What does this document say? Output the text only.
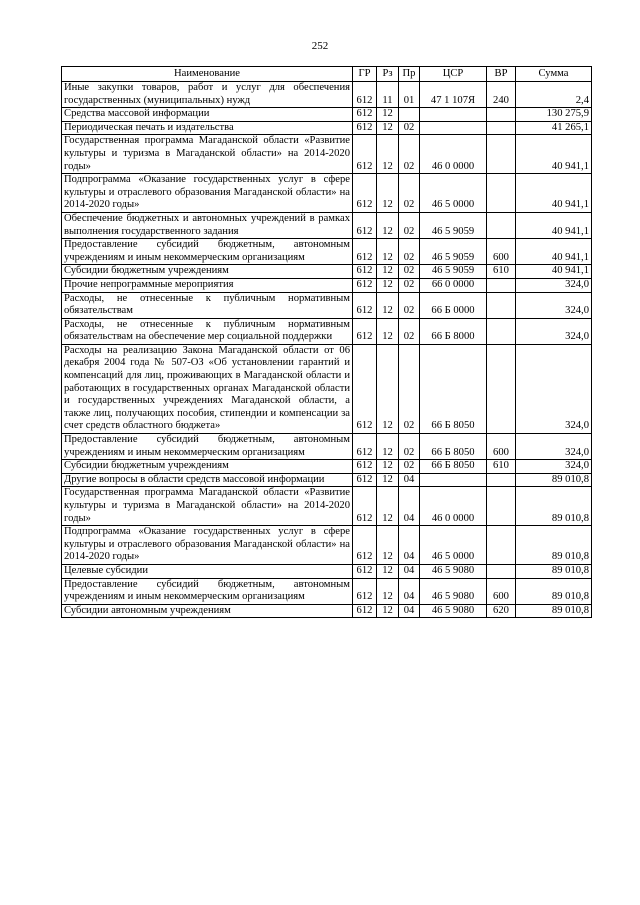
252
Наименование	ГР	Рз	Пр	ЦСР	ВР	Сумма
Иные закупки товаров, работ и услуг для обеспечения государственных (муниципальных) нужд	612	11	01	47 1 107Я	240	2,4
Средства массовой информации	612	12				130 275,9
Периодическая печать и издательства	612	12	02			41 265,1
Государственная программа Магаданской области «Развитие культуры и туризма в Магаданской области» на 2014-2020 годы»	612	12	02	46 0 0000		40 941,1
Подпрограмма «Оказание государственных услуг в сфере культуры и отраслевого образования Магаданской области» на 2014-2020 годы»	612	12	02	46 5 0000		40 941,1
Обеспечение бюджетных и автономных учреждений в рамках выполнения государственного задания	612	12	02	46 5 9059		40 941,1
Предоставление субсидий бюджетным, автономным учреждениям и иным некоммерческим организациям	612	12	02	46 5 9059	600	40 941,1
Субсидии бюджетным учреждениям	612	12	02	46 5 9059	610	40 941,1
Прочие непрограммные мероприятия	612	12	02	66 0 0000		324,0
Расходы, не отнесенные к публичным нормативным обязательствам	612	12	02	66 Б 0000		324,0
Расходы, не отнесенные к публичным нормативным обязательствам на обеспечение мер социальной поддержки	612	12	02	66 Б 8000		324,0
Расходы на реализацию Закона Магаданской области от 06 декабря 2004 года № 507-ОЗ «Об установлении гарантий и компенсаций для лиц, проживающих в Магаданской области и работающих в государственных органах Магаданской области и государственных учреждениях Магаданской области, а также лиц, получающих пособия, стипендии и компенсации за счет средств областного бюджета»	612	12	02	66 Б 8050		324,0
Предоставление субсидий бюджетным, автономным учреждениям и иным некоммерческим организациям	612	12	02	66 Б 8050	600	324,0
Субсидии бюджетным учреждениям	612	12	02	66 Б 8050	610	324,0
Другие вопросы в области средств массовой информации	612	12	04			89 010,8
Государственная программа Магаданской области «Развитие культуры и туризма в Магаданской области» на 2014-2020 годы»	612	12	04	46 0 0000		89 010,8
Подпрограмма «Оказание государственных услуг в сфере культуры и отраслевого образования Магаданской области» на 2014-2020 годы»	612	12	04	46 5 0000		89 010,8
Целевые субсидии	612	12	04	46 5 9080		89 010,8
Предоставление субсидий бюджетным, автономным учреждениям и иным некоммерческим организациям	612	12	04	46 5 9080	600	89 010,8
Субсидии автономным учреждениям	612	12	04	46 5 9080	620	89 010,8
